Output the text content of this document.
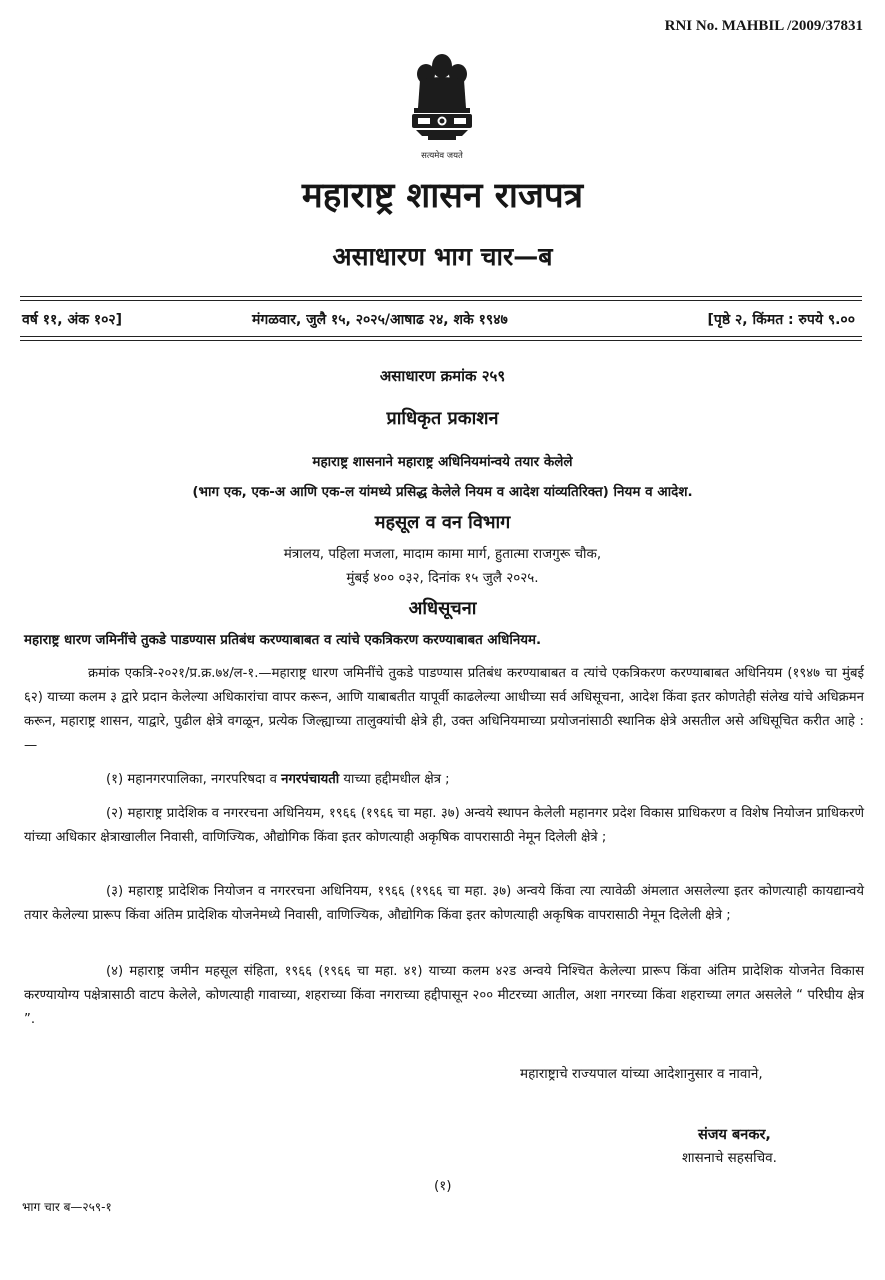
RNI No. MAHBIL /2009/37831
सत्यमेव जयते
महाराष्ट्र शासन राजपत्र
असाधारण भाग चार—ब
वर्ष ११, अंक १०२]	मंगळवार, जुलै १५, २०२५/आषाढ २४, शके १९४७	[पृष्ठे २, किंमत : रुपये ९.००
असाधारण क्रमांक २५९
प्राधिकृत प्रकाशन
महाराष्ट्र शासनाने महाराष्ट्र अधिनियमांन्वये तयार केलेले
(भाग एक, एक-अ आणि एक-ल यांमध्ये प्रसिद्ध केलेले नियम व आदेश यांव्यतिरिक्त) नियम व आदेश.
महसूल व वन विभाग
मंत्रालय, पहिला मजला, मादाम कामा मार्ग, हुतात्मा राजगुरू चौक,
मुंबई ४०० ०३२, दिनांक १५ जुलै २०२५.
अधिसूचना
महाराष्ट्र धारण जमिनींचे तुकडे पाडण्यास प्रतिबंध करण्याबाबत व त्यांचे एकत्रिकरण करण्याबाबत अधिनियम.
क्रमांक एकत्रि-२०२१/प्र.क्र.७४/ल-१.—महाराष्ट्र धारण जमिनींचे तुकडे पाडण्यास प्रतिबंध करण्याबाबत व त्यांचे एकत्रिकरण करण्याबाबत अधिनियम (१९४७ चा मुंबई ६२) याच्या कलम ३ द्वारे प्रदान केलेल्या अधिकारांचा वापर करून, आणि याबाबतीत यापूर्वी काढलेल्या आधीच्या सर्व अधिसूचना, आदेश किंवा इतर कोणतेही संलेख यांचे अधिक्रमन करून, महाराष्ट्र शासन, याद्वारे, पुढील क्षेत्रे वगळून, प्रत्येक जिल्ह्याच्या तालुक्यांची क्षेत्रे ही, उक्त अधिनियमाच्या प्रयोजनांसाठी स्थानिक क्षेत्रे असतील असे अधिसूचित करीत आहे :—
(१) महानगरपालिका, नगरपरिषदा व नगरपंचायती याच्या हद्दीमधील क्षेत्र ;
(२) महाराष्ट्र प्रादेशिक व नगररचना अधिनियम, १९६६ (१९६६ चा महा. ३७) अन्वये स्थापन केलेली महानगर प्रदेश विकास प्राधिकरण व विशेष नियोजन प्राधिकरणे यांच्या अधिकार क्षेत्राखालील निवासी, वाणिज्यिक, औद्योगिक किंवा इतर कोणत्याही अकृषिक वापरासाठी नेमून दिलेली क्षेत्रे ;
(३) महाराष्ट्र प्रादेशिक नियोजन व नगररचना अधिनियम, १९६६ (१९६६ चा महा. ३७) अन्वये किंवा त्या त्यावेळी अंमलात असलेल्या इतर कोणत्याही कायद्यान्वये तयार केलेल्या प्रारूप किंवा अंतिम प्रादेशिक योजनेमध्ये निवासी, वाणिज्यिक, औद्योगिक किंवा इतर कोणत्याही अकृषिक वापरासाठी नेमून दिलेली क्षेत्रे ;
(४) महाराष्ट्र जमीन महसूल संहिता, १९६६ (१९६६ चा महा. ४१) याच्या कलम ४२ड अन्वये निश्चित केलेल्या प्रारूप किंवा अंतिम प्रादेशिक योजनेत विकास करण्यायोग्य पक्षेत्रासाठी वाटप केलेले, कोणत्याही गावाच्या, शहराच्या किंवा नगराच्या हद्दीपासून २०० मीटरच्या आतील, अशा नगरच्या किंवा शहराच्या लगत असलेले “ परिघीय क्षेत्र ”.
महाराष्ट्राचे राज्यपाल यांच्या आदेशानुसार व नावाने,
संजय बनकर,
शासनाचे सहसचिव.
(१)
भाग चार ब—२५९-१
